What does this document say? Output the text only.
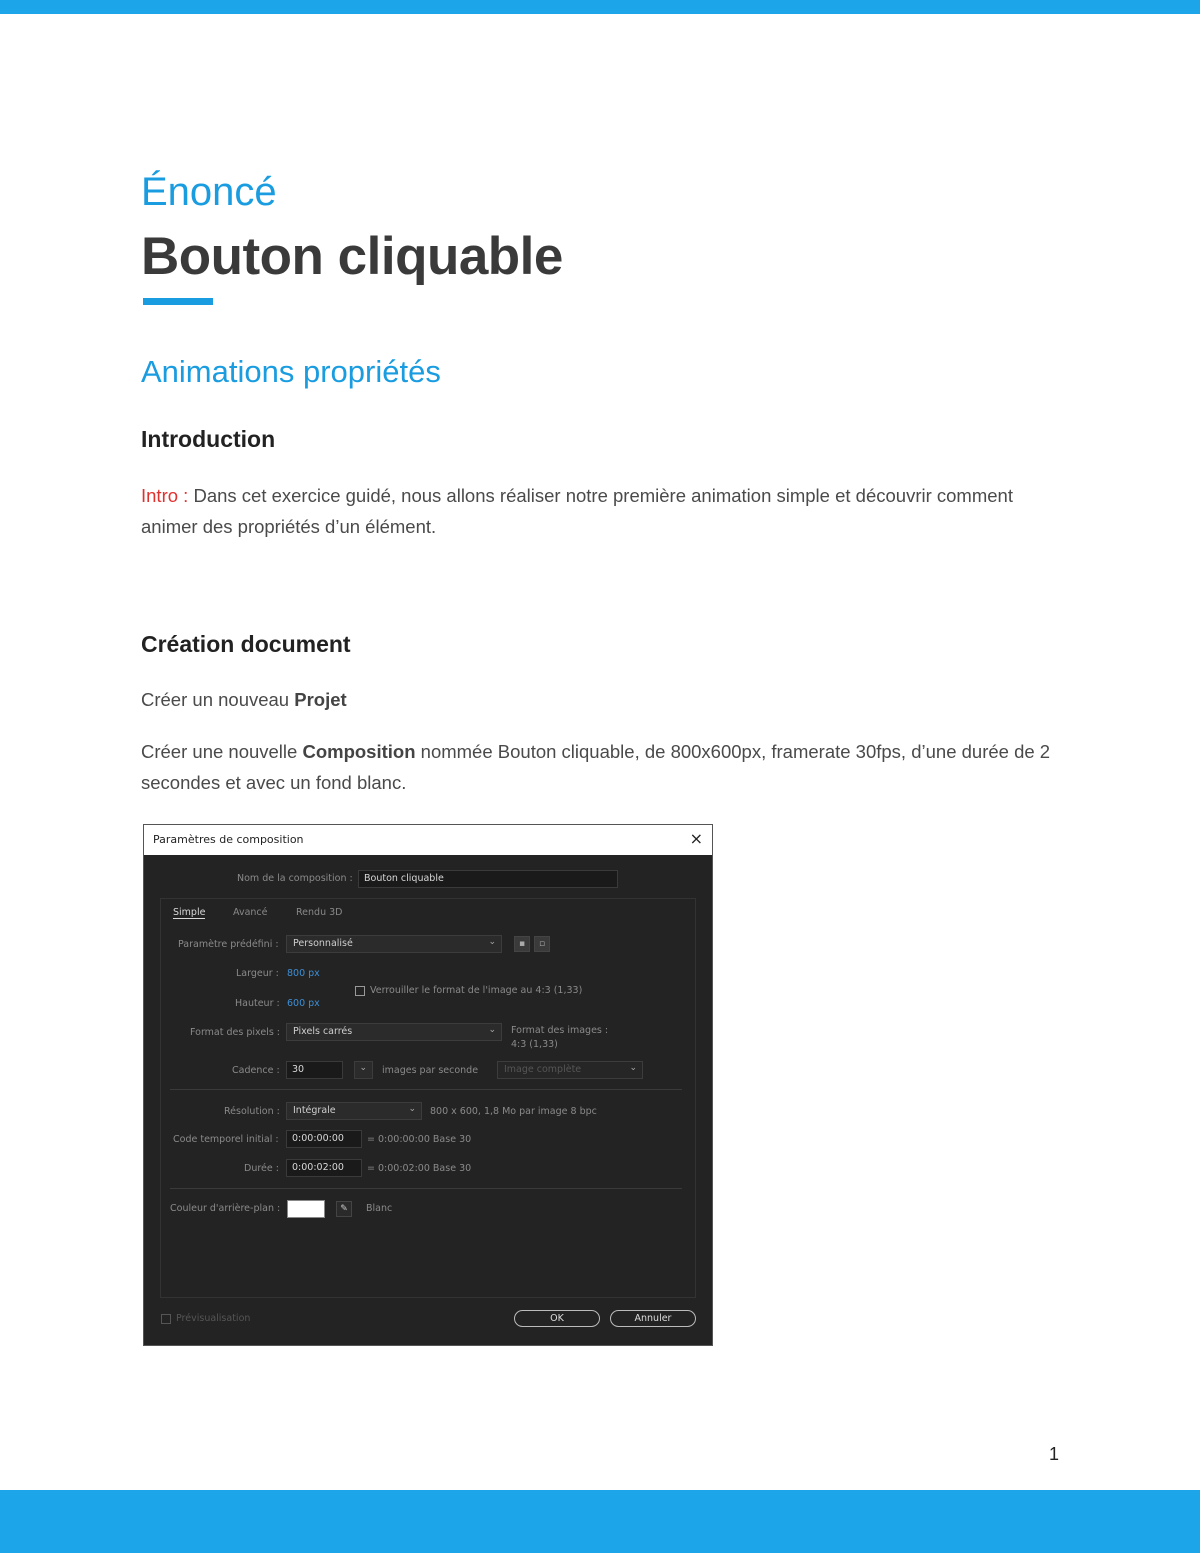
Énoncé
Bouton cliquable
Animations propriétés
Introduction
Intro : Dans cet exercice guidé, nous allons réaliser notre première animation simple et découvrir comment animer des propriétés d’un élément.
Création document
Créer un nouveau Projet
Créer une nouvelle Composition nommée Bouton cliquable, de 800x600px, framerate 30fps, d’une durée de 2 secondes et avec un fond blanc.
Paramètres de composition	×
Nom de la composition :	Bouton cliquable
Simple	Avancé	Rendu 3D
Paramètre prédéfini :	Personnalisé	⌄	▪	▫
Largeur : 800 px
Hauteur : 600 px
Verrouiller le format de l'image au 4:3 (1,33)
Format des pixels :	Pixels carrés	⌄ Format des images :
4:3 (1,33)
Cadence :	30	⌄ images par seconde	Image complète	⌄
Résolution :	Intégrale	⌄ 800 x 600, 1,8 Mo par image 8 bpc
Code temporel initial :	0:00:00:00	= 0:00:00:00 Base 30
Durée :	0:00:02:00	= 0:00:02:00 Base 30
Couleur d'arrière-plan :	✎	Blanc
Prévisualisation	OK	Annuler
1
